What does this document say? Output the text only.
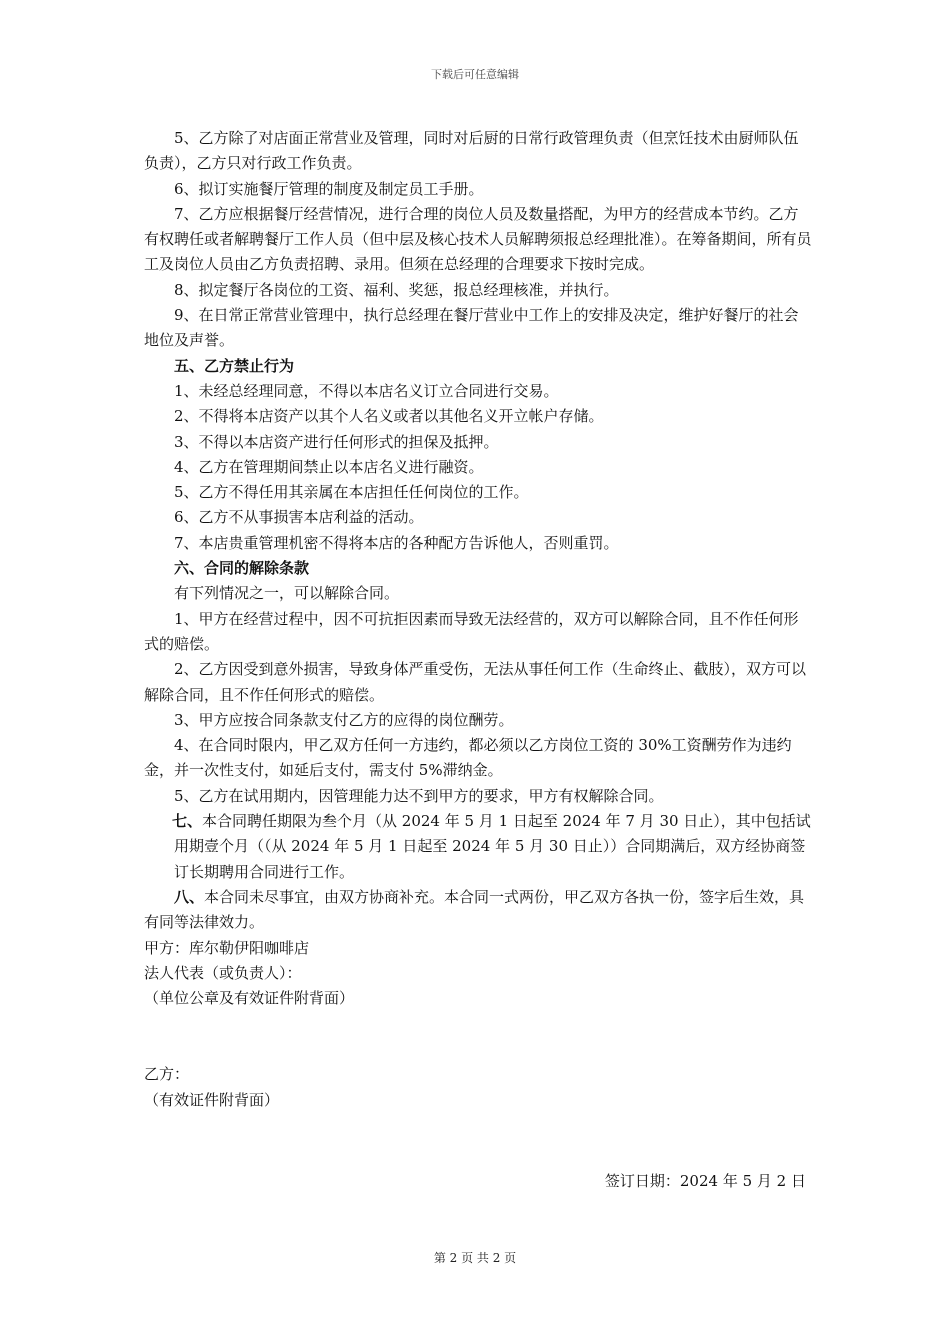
下载后可任意编辑

5、乙方除了对店面正常营业及管理，同时对后厨的日常行政管理负责（但烹饪技术由厨师队伍负责），乙方只对行政工作负责。

6、拟订实施餐厅管理的制度及制定员工手册。

7、乙方应根据餐厅经营情况，进行合理的岗位人员及数量搭配，为甲方的经营成本节约。乙方有权聘任或者解聘餐厅工作人员（但中层及核心技术人员解聘须报总经理批准）。在筹备期间，所有员工及岗位人员由乙方负责招聘、录用。但须在总经理的合理要求下按时完成。

8、拟定餐厅各岗位的工资、福利、奖惩，报总经理核准，并执行。

9、在日常正常营业管理中，执行总经理在餐厅营业中工作上的安排及决定，维护好餐厅的社会地位及声誉。

五、乙方禁止行为

1、未经总经理同意，不得以本店名义订立合同进行交易。

2、不得将本店资产以其个人名义或者以其他名义开立帐户存储。

3、不得以本店资产进行任何形式的担保及抵押。

4、乙方在管理期间禁止以本店名义进行融资。

5、乙方不得任用其亲属在本店担任任何岗位的工作。

6、乙方不从事损害本店利益的活动。

7、本店贵重管理机密不得将本店的各种配方告诉他人，否则重罚。

六、合同的解除条款

有下列情况之一，可以解除合同。

1、甲方在经营过程中，因不可抗拒因素而导致无法经营的，双方可以解除合同，且不作任何形式的赔偿。

2、乙方因受到意外损害，导致身体严重受伤，无法从事任何工作（生命终止、截肢），双方可以解除合同，且不作任何形式的赔偿。

3、甲方应按合同条款支付乙方的应得的岗位酬劳。

4、在合同时限内，甲乙双方任何一方违约，都必须以乙方岗位工资的 30%工资酬劳作为违约金，并一次性支付，如延后支付，需支付 5%滞纳金。

5、乙方在试用期内，因管理能力达不到甲方的要求，甲方有权解除合同。

七、本合同聘任期限为叁个月（从 2024 年 5 月 1 日起至 2024 年 7 月 30 日止），其中包括试用期壹个月（（从 2024 年 5 月 1 日起至 2024 年 5 月 30 日止））合同期满后，双方经协商签订长期聘用合同进行工作。

八、本合同未尽事宜，由双方协商补充。本合同一式两份，甲乙双方各执一份，签字后生效，具有同等法律效力。

甲方：库尔勒伊阳咖啡店

法人代表（或负责人）：

（单位公章及有效证件附背面）

乙方：

（有效证件附背面）

签订日期：2024 年 5 月 2 日
第 2 页 共 2 页
